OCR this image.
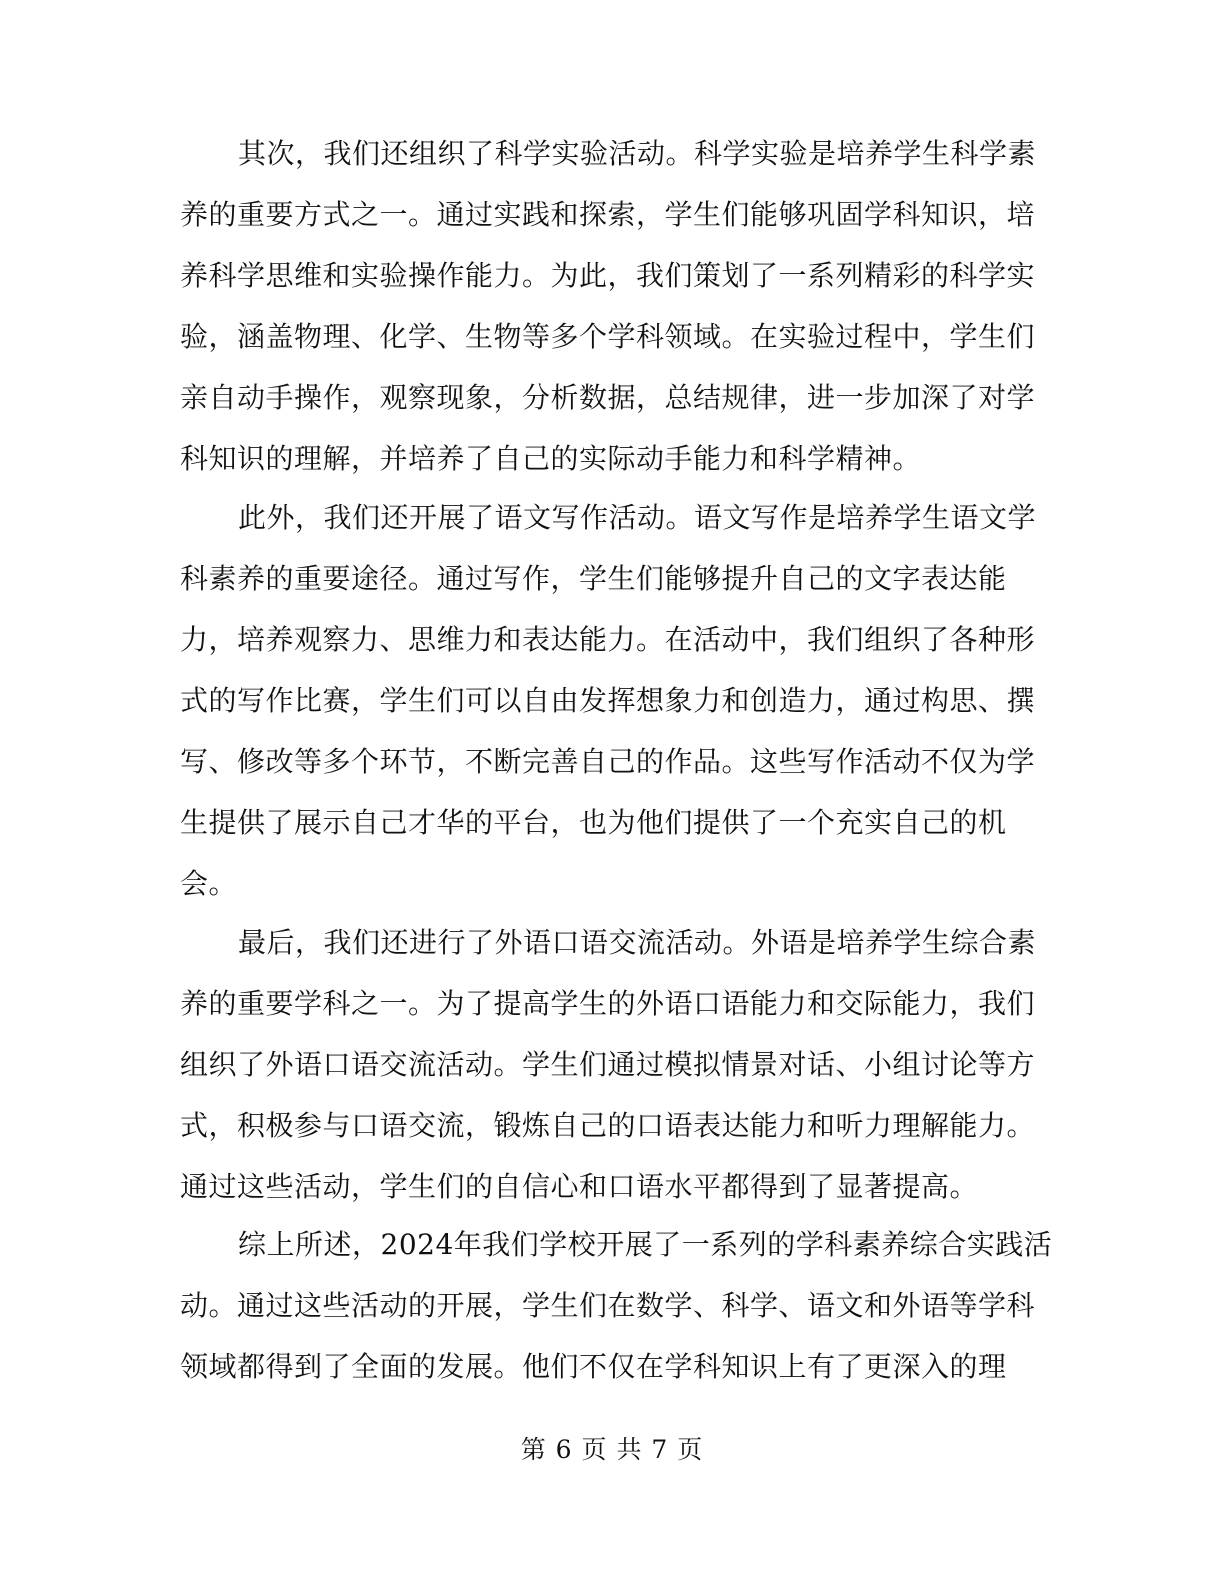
其次，我们还组织了科学实验活动。科学实验是培养学生科学素
养的重要方式之一。通过实践和探索，学生们能够巩固学科知识，培
养科学思维和实验操作能力。为此，我们策划了一系列精彩的科学实
验，涵盖物理、化学、生物等多个学科领域。在实验过程中，学生们
亲自动手操作，观察现象，分析数据，总结规律，进一步加深了对学
科知识的理解，并培养了自己的实际动手能力和科学精神。
此外，我们还开展了语文写作活动。语文写作是培养学生语文学
科素养的重要途径。通过写作，学生们能够提升自己的文字表达能
力，培养观察力、思维力和表达能力。在活动中，我们组织了各种形
式的写作比赛，学生们可以自由发挥想象力和创造力，通过构思、撰
写、修改等多个环节，不断完善自己的作品。这些写作活动不仅为学
生提供了展示自己才华的平台，也为他们提供了一个充实自己的机
会。
最后，我们还进行了外语口语交流活动。外语是培养学生综合素
养的重要学科之一。为了提高学生的外语口语能力和交际能力，我们
组织了外语口语交流活动。学生们通过模拟情景对话、小组讨论等方
式，积极参与口语交流，锻炼自己的口语表达能力和听力理解能力。
通过这些活动，学生们的自信心和口语水平都得到了显著提高。
综上所述，2024年我们学校开展了一系列的学科素养综合实践活
动。通过这些活动的开展，学生们在数学、科学、语文和外语等学科
领域都得到了全面的发展。他们不仅在学科知识上有了更深入的理
第 6 页 共 7 页
